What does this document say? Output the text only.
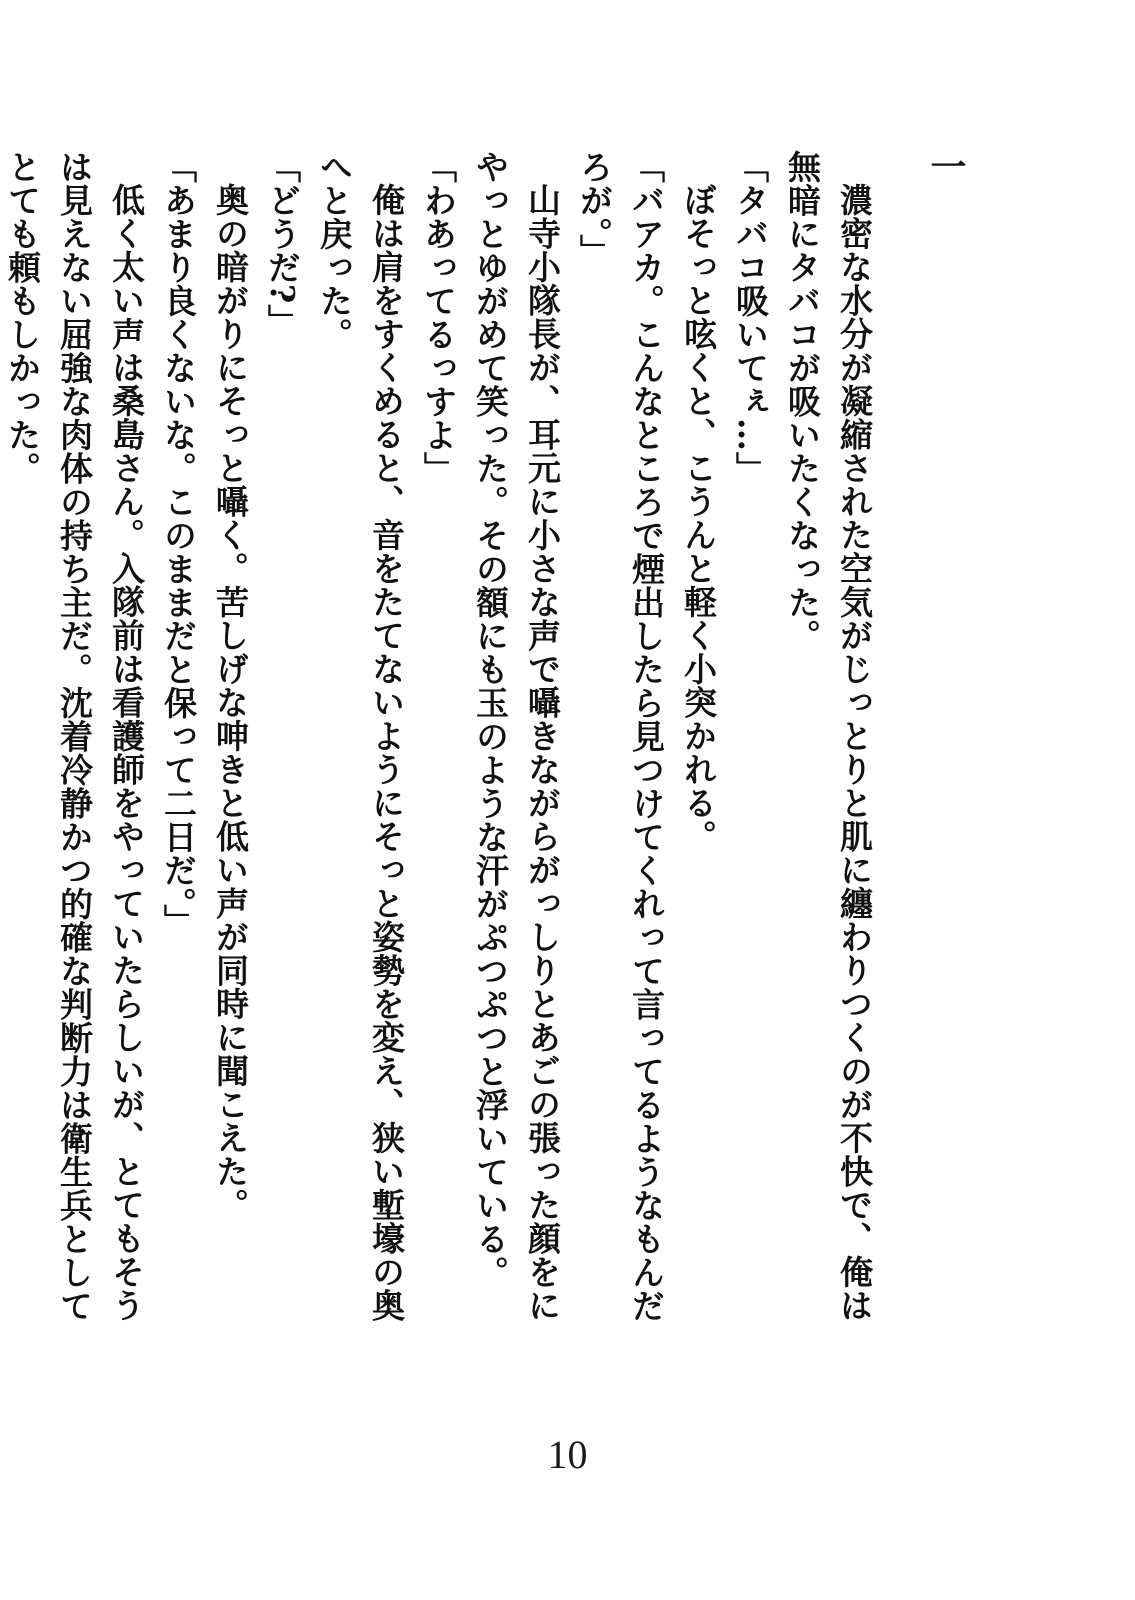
一

濃密な水分が凝縮された空気がじっとりと肌に纏わりつくのが不快で、俺は無暗にタバコが吸いたくなった。

「タバコ吸いてぇ…」

ぼそっと呟くと、こうんと軽く小突かれる。

「バアカ。こんなところで煙出したら見つけてくれって言ってるようなもんだろが。」

山寺小隊長が、耳元に小さな声で囁きながらがっしりとあごの張った顔をにやっとゆがめて笑った。その額にも玉のような汗がぷつぷつと浮いている。

「わあってるっすよ」

俺は肩をすくめると、音をたてないようにそっと姿勢を変え、狭い塹壕の奥へと戻った。

「どうだ?」

奥の暗がりにそっと囁く。苦しげな呻きと低い声が同時に聞こえた。

「あまり良くないな。このままだと保って二日だ。」

低く太い声は桑島さん。入隊前は看護師をやっていたらしいが、とてもそうは見えない屈強な肉体の持ち主だ。沈着冷静かつ的確な判断力は衛生兵としてとても頼もしかった。

10
